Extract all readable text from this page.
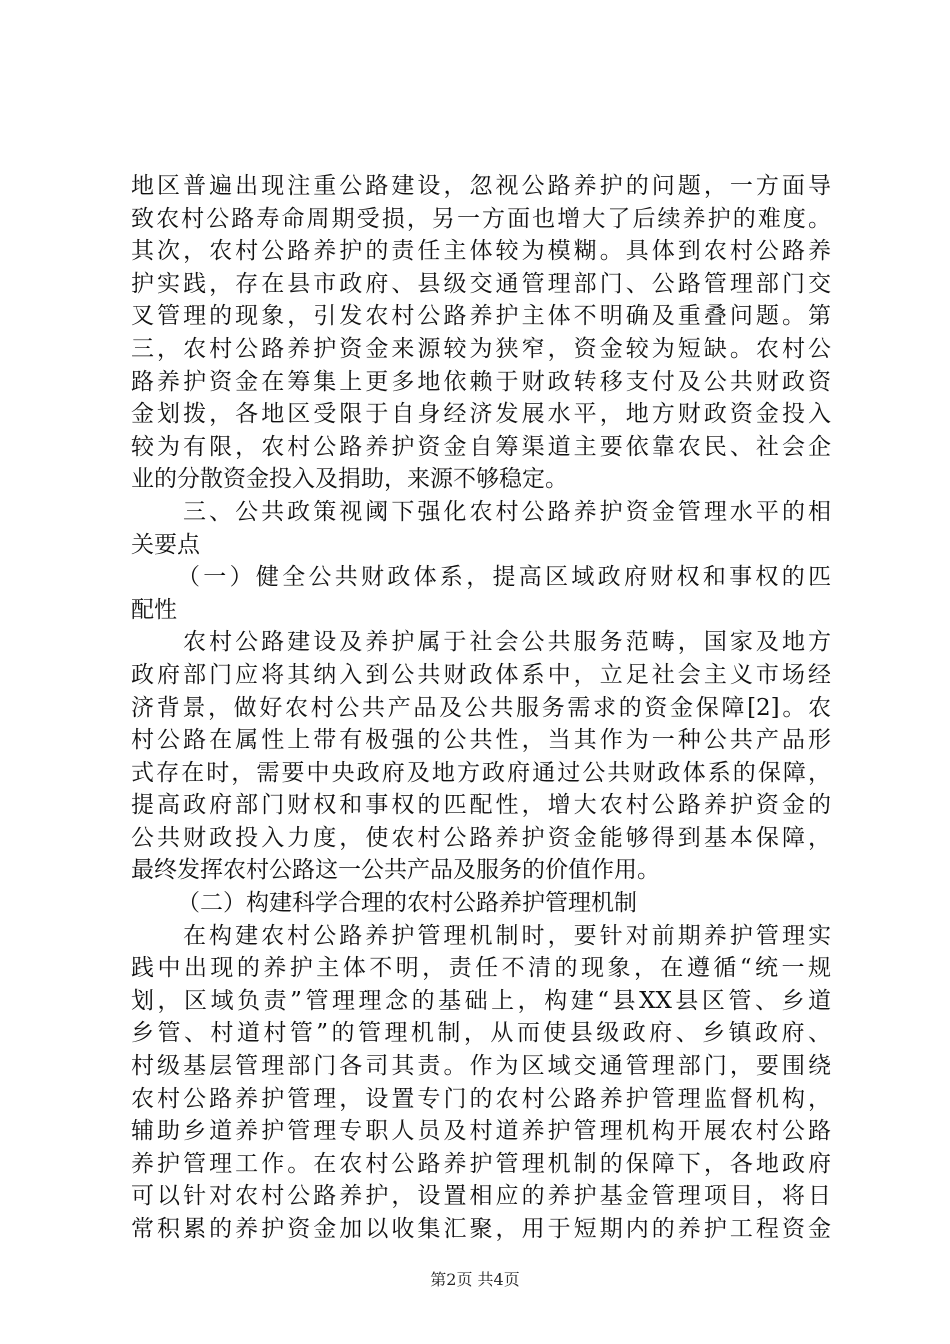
地区普遍出现注重公路建设，忽视公路养护的问题，一方面导
致农村公路寿命周期受损，另一方面也增大了后续养护的难度。
其次，农村公路养护的责任主体较为模糊。具体到农村公路养
护实践，存在县市政府、县级交通管理部门、公路管理部门交
叉管理的现象，引发农村公路养护主体不明确及重叠问题。第
三，农村公路养护资金来源较为狭窄，资金较为短缺。农村公
路养护资金在筹集上更多地依赖于财政转移支付及公共财政资
金划拨，各地区受限于自身经济发展水平，地方财政资金投入
较为有限，农村公路养护资金自筹渠道主要依靠农民、社会企
业的分散资金投入及捐助，来源不够稳定。
三、公共政策视阈下强化农村公路养护资金管理水平的相
关要点
（一）健全公共财政体系，提高区域政府财权和事权的匹
配性
农村公路建设及养护属于社会公共服务范畴，国家及地方
政府部门应将其纳入到公共财政体系中，立足社会主义市场经
济背景，做好农村公共产品及公共服务需求的资金保障[2]。农
村公路在属性上带有极强的公共性，当其作为一种公共产品形
式存在时，需要中央政府及地方政府通过公共财政体系的保障，
提高政府部门财权和事权的匹配性，增大农村公路养护资金的
公共财政投入力度，使农村公路养护资金能够得到基本保障，
最终发挥农村公路这一公共产品及服务的价值作用。
（二）构建科学合理的农村公路养护管理机制
在构建农村公路养护管理机制时，要针对前期养护管理实
践中出现的养护主体不明，责任不清的现象，在遵循“统一规
划，区域负责”管理理念的基础上，构建“县XX县区管、乡道
乡管、村道村管”的管理机制，从而使县级政府、乡镇政府、
村级基层管理部门各司其责。作为区域交通管理部门，要围绕
农村公路养护管理，设置专门的农村公路养护管理监督机构，
辅助乡道养护管理专职人员及村道养护管理机构开展农村公路
养护管理工作。在农村公路养护管理机制的保障下，各地政府
可以针对农村公路养护，设置相应的养护基金管理项目，将日
常积累的养护资金加以收集汇聚，用于短期内的养护工程资金
第2页 共4页
